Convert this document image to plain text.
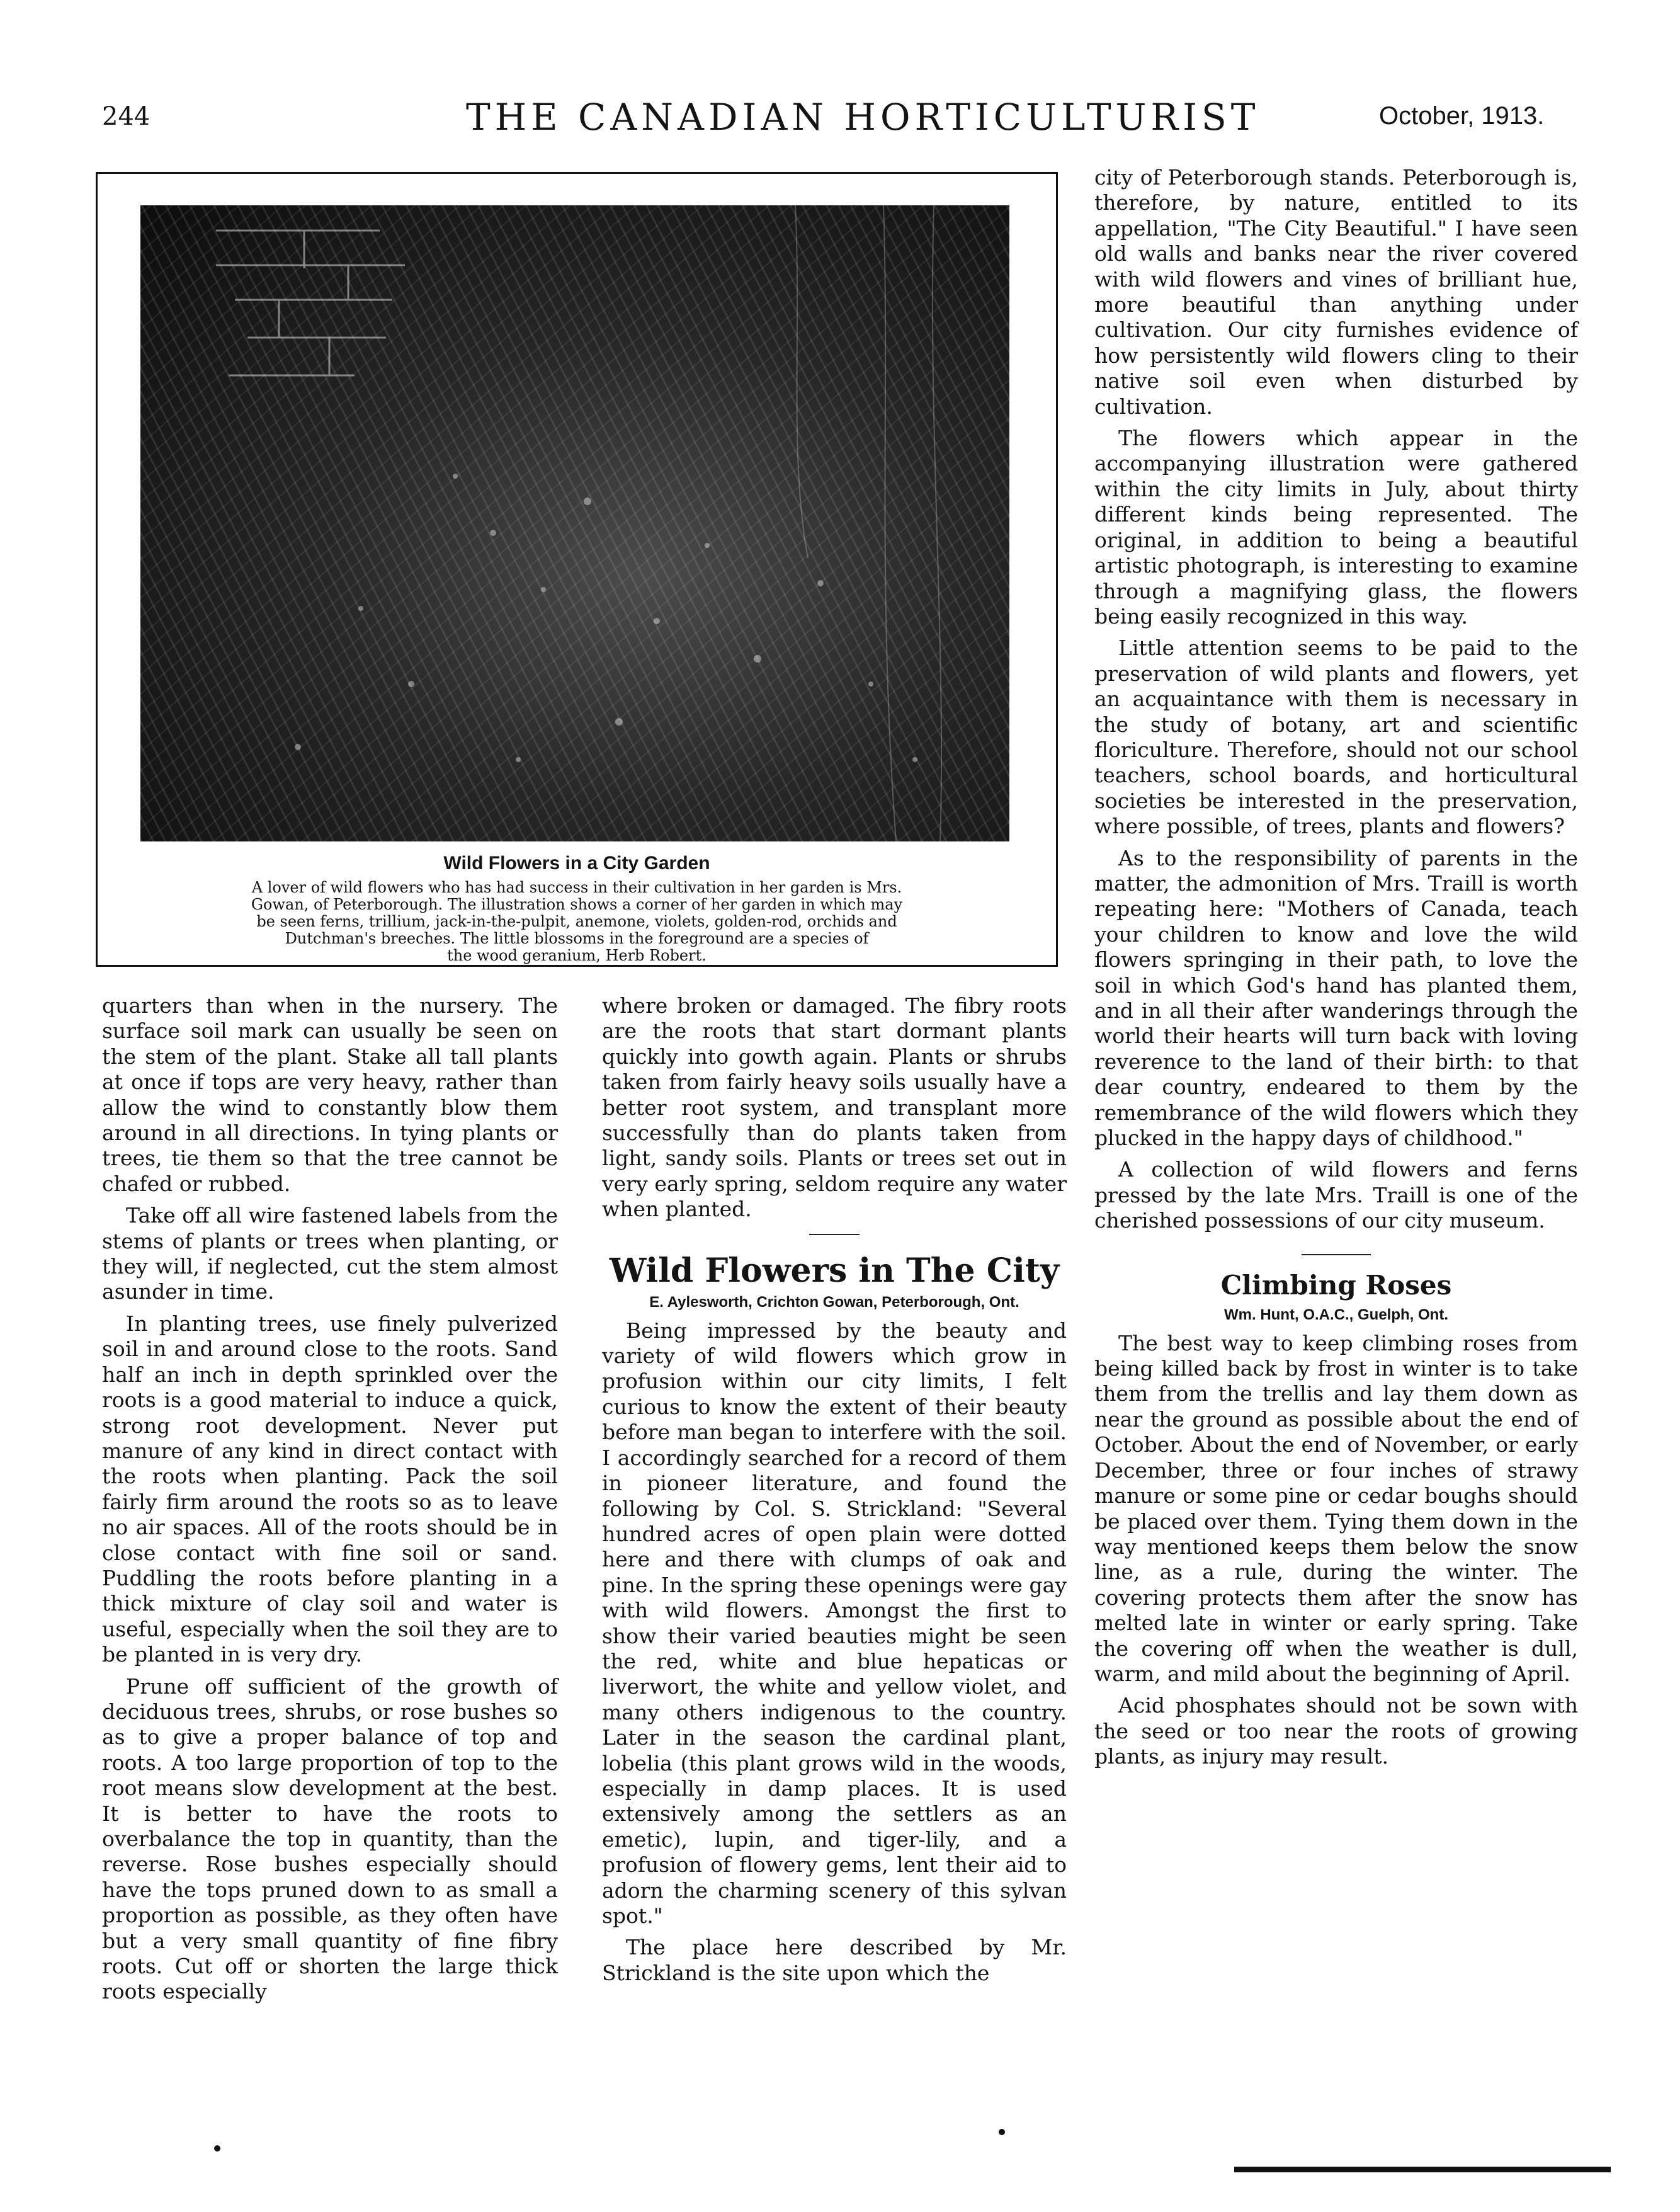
244	THE CANADIAN HORTICULTURIST	October, 1913.
Wild Flowers in a City Garden
A lover of wild flowers who has had success in their cultivation in her garden is Mrs.
Gowan, of Peterborough. The illustration shows a corner of her garden in which may
be seen ferns, trillium, jack-in-the-pulpit, anemone, violets, golden-rod, orchids and
Dutchman's breeches. The little blossoms in the foreground are a species of
the wood geranium, Herb Robert.

quarters than when in the nursery. The surface soil mark can usually be seen on the stem of the plant. Stake all tall plants at once if tops are very heavy, rather than allow the wind to constantly blow them around in all directions. In tying plants or trees, tie them so that the tree cannot be chafed or rubbed.

Take off all wire fastened labels from the stems of plants or trees when planting, or they will, if neglected, cut the stem almost asunder in time.

In planting trees, use finely pulverized soil in and around close to the roots. Sand half an inch in depth sprinkled over the roots is a good material to induce a quick, strong root development. Never put manure of any kind in direct contact with the roots when planting. Pack the soil fairly firm around the roots so as to leave no air spaces. All of the roots should be in close contact with fine soil or sand. Puddling the roots before planting in a thick mixture of clay soil and water is useful, especially when the soil they are to be planted in is very dry.

Prune off sufficient of the growth of deciduous trees, shrubs, or rose bushes so as to give a proper balance of top and roots. A too large proportion of top to the root means slow development at the best. It is better to have the roots to overbalance the top in quantity, than the reverse. Rose bushes especially should have the tops pruned down to as small a proportion as possible, as they often have but a very small quantity of fine fibry roots. Cut off or shorten the large thick roots especially

where broken or damaged. The fibry roots are the roots that start dormant plants quickly into gowth again. Plants or shrubs taken from fairly heavy soils usually have a better root system, and transplant more successfully than do plants taken from light, sandy soils. Plants or trees set out in very early spring, seldom require any water when planted.

Wild Flowers in The City
E. Aylesworth, Crichton Gowan, Peterborough, Ont.

Being impressed by the beauty and variety of wild flowers which grow in profusion within our city limits, I felt curious to know the extent of their beauty before man began to interfere with the soil. I accordingly searched for a record of them in pioneer literature, and found the following by Col. S. Strickland: "Several hundred acres of open plain were dotted here and there with clumps of oak and pine. In the spring these openings were gay with wild flowers. Amongst the first to show their varied beauties might be seen the red, white and blue hepaticas or liverwort, the white and yellow violet, and many others indigenous to the country. Later in the season the cardinal plant, lobelia (this plant grows wild in the woods, especially in damp places. It is used extensively among the settlers as an emetic), lupin, and tiger-lily, and a profusion of flowery gems, lent their aid to adorn the charming scenery of this sylvan spot."

The place here described by Mr. Strickland is the site upon which the

city of Peterborough stands. Peterborough is, therefore, by nature, entitled to its appellation, "The City Beautiful." I have seen old walls and banks near the river covered with wild flowers and vines of brilliant hue, more beautiful than anything under cultivation. Our city furnishes evidence of how persistently wild flowers cling to their native soil even when disturbed by cultivation.

The flowers which appear in the accompanying illustration were gathered within the city limits in July, about thirty different kinds being represented. The original, in addition to being a beautiful artistic photograph, is interesting to examine through a magnifying glass, the flowers being easily recognized in this way.

Little attention seems to be paid to the preservation of wild plants and flowers, yet an acquaintance with them is necessary in the study of botany, art and scientific floriculture. Therefore, should not our school teachers, school boards, and horticultural societies be interested in the preservation, where possible, of trees, plants and flowers?

As to the responsibility of parents in the matter, the admonition of Mrs. Traill is worth repeating here: "Mothers of Canada, teach your children to know and love the wild flowers springing in their path, to love the soil in which God's hand has planted them, and in all their after wanderings through the world their hearts will turn back with loving reverence to the land of their birth: to that dear country, endeared to them by the remembrance of the wild flowers which they plucked in the happy days of childhood."

A collection of wild flowers and ferns pressed by the late Mrs. Traill is one of the cherished possessions of our city museum.

Climbing Roses
Wm. Hunt, O.A.C., Guelph, Ont.

The best way to keep climbing roses from being killed back by frost in winter is to take them from the trellis and lay them down as near the ground as possible about the end of October. About the end of November, or early December, three or four inches of strawy manure or some pine or cedar boughs should be placed over them. Tying them down in the way mentioned keeps them below the snow line, as a rule, during the winter. The covering protects them after the snow has melted late in winter or early spring. Take the covering off when the weather is dull, warm, and mild about the beginning of April.

Acid phosphates should not be sown with the seed or too near the roots of growing plants, as injury may result.
